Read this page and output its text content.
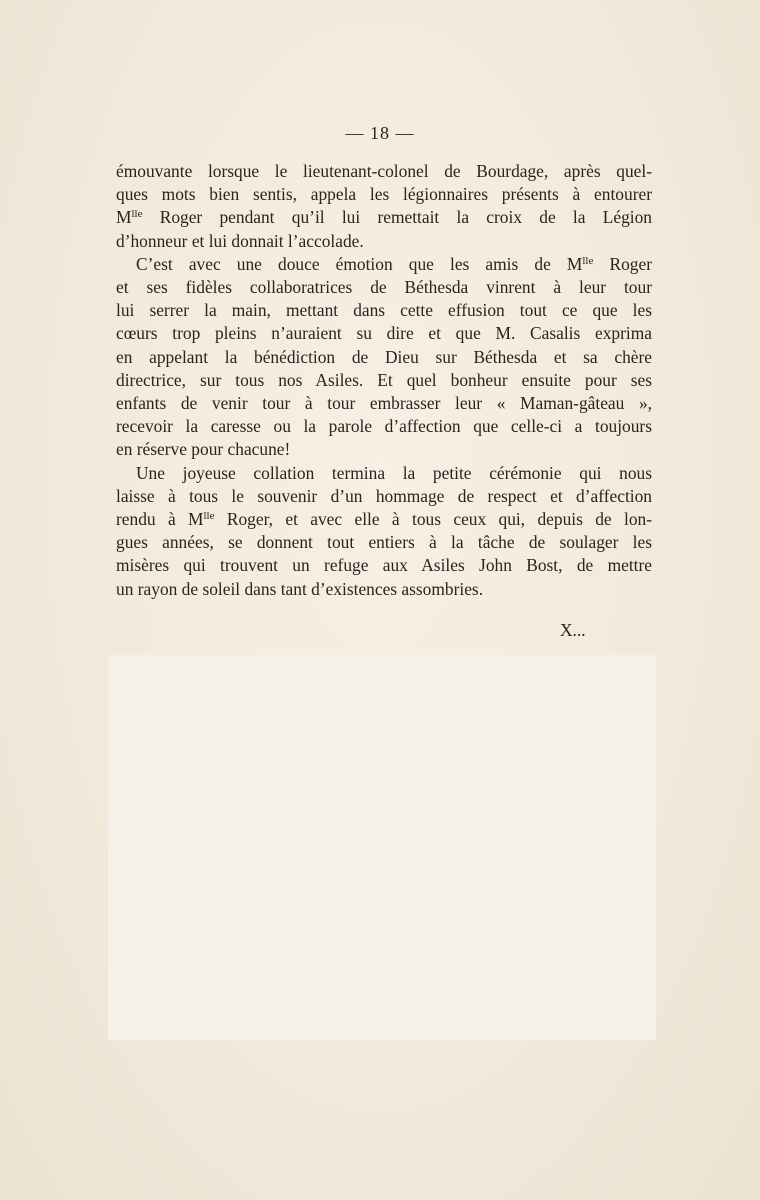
— 18 —
émouvante lorsque le lieutenant-colonel de Bourdage, après quel-
ques mots bien sentis, appela les légionnaires présents à entourer
$M^{lle}$ Roger pendant qu’il lui remettait la croix de la Légion
d’honneur et lui donnait l’accolade.
C’est avec une douce émotion que les amis de $M^{lle}$ Roger
et ses fidèles collaboratrices de Béthesda vinrent à leur tour
lui serrer la main, mettant dans cette effusion tout ce que les
cœurs trop pleins n’auraient su dire et que M. Casalis exprima
en appelant la bénédiction de Dieu sur Béthesda et sa chère
directrice, sur tous nos Asiles. Et quel bonheur ensuite pour ses
enfants de venir tour à tour embrasser leur « Maman-gâteau »,
recevoir la caresse ou la parole d’affection que celle-ci a toujours
en réserve pour chacune!
Une joyeuse collation termina la petite cérémonie qui nous
laisse à tous le souvenir d’un hommage de respect et d’affection
rendu à $M^{lle}$ Roger, et avec elle à tous ceux qui, depuis de lon-
gues années, se donnent tout entiers à la tâche de soulager les
misères qui trouvent un refuge aux Asiles John Bost, de mettre
un rayon de soleil dans tant d’existences assombries.
X...
